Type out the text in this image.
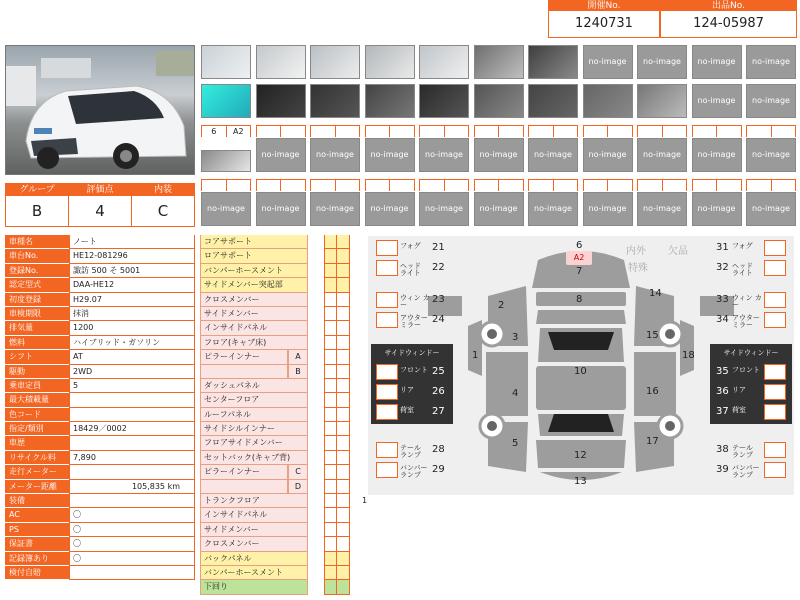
開催No.
1240731
出品No.
124-05987
no-image	no-image	no-image	no-image
no-image	no-image
6	A2
no-image	no-image	no-image	no-image	no-image	no-image	no-image	no-image	no-image	no-image
no-image	no-image	no-image	no-image	no-image	no-image	no-image	no-image	no-image	no-image	no-image
グループ
B
評価点
4
内装
C
車種名	ノート
車台No.	HE12-081296
登録No.	諏訪 500 そ 5001
認定型式	DAA-HE12
初度登録	H29.07
車検期限	抹消
排気量	1200
燃料	ハイブリッド・ガソリン
シフト	AT
駆動	2WD
乗車定員	5
最大積載量
色コード
指定/類別	18429／0002
車歴
リサイクル料	7,890
走行メーター
メーター距離	105,835 km
装備
AC	〇
PS	〇
保証書	〇
記録簿あり	〇
検付自賠
コアサポート
ロアサポート
バンパーホースメント
サイドメンバー突起部
クロスメンバー
サイドメンバー
インサイドパネル
フロア(キャブ床)
ピラーインナー	A
B
ダッシュパネル
センターフロア
ルーフパネル
サイドシルインナー
フロアサイドメンバー
セットバック(キャブ背)
ピラーインナー	C
D
トランクフロア
インサイドパネル
サイドメンバー
クロスメンバー
バックパネル
バンパーホースメント
下回り
A2
内外 欠品
特殊
1
2
3
4
5
6
7
8
9
10
11
12
13
14
15
16
17
18
サイドウィンドー	サイドウィンドー
フォグ	21
ヘッド ライト	22
ウィン カー	23
アウター ミラー	24
フロント 25
リア	26
荷室	27
テール ランプ	28
バンパー ランプ	29
31 フォグ
32 ヘッド ライト
33 ウィン カー
34 アウター ミラー
35 フロント
36 リア
37 荷室
38 テール ランプ
39 バンパー ランプ
1
